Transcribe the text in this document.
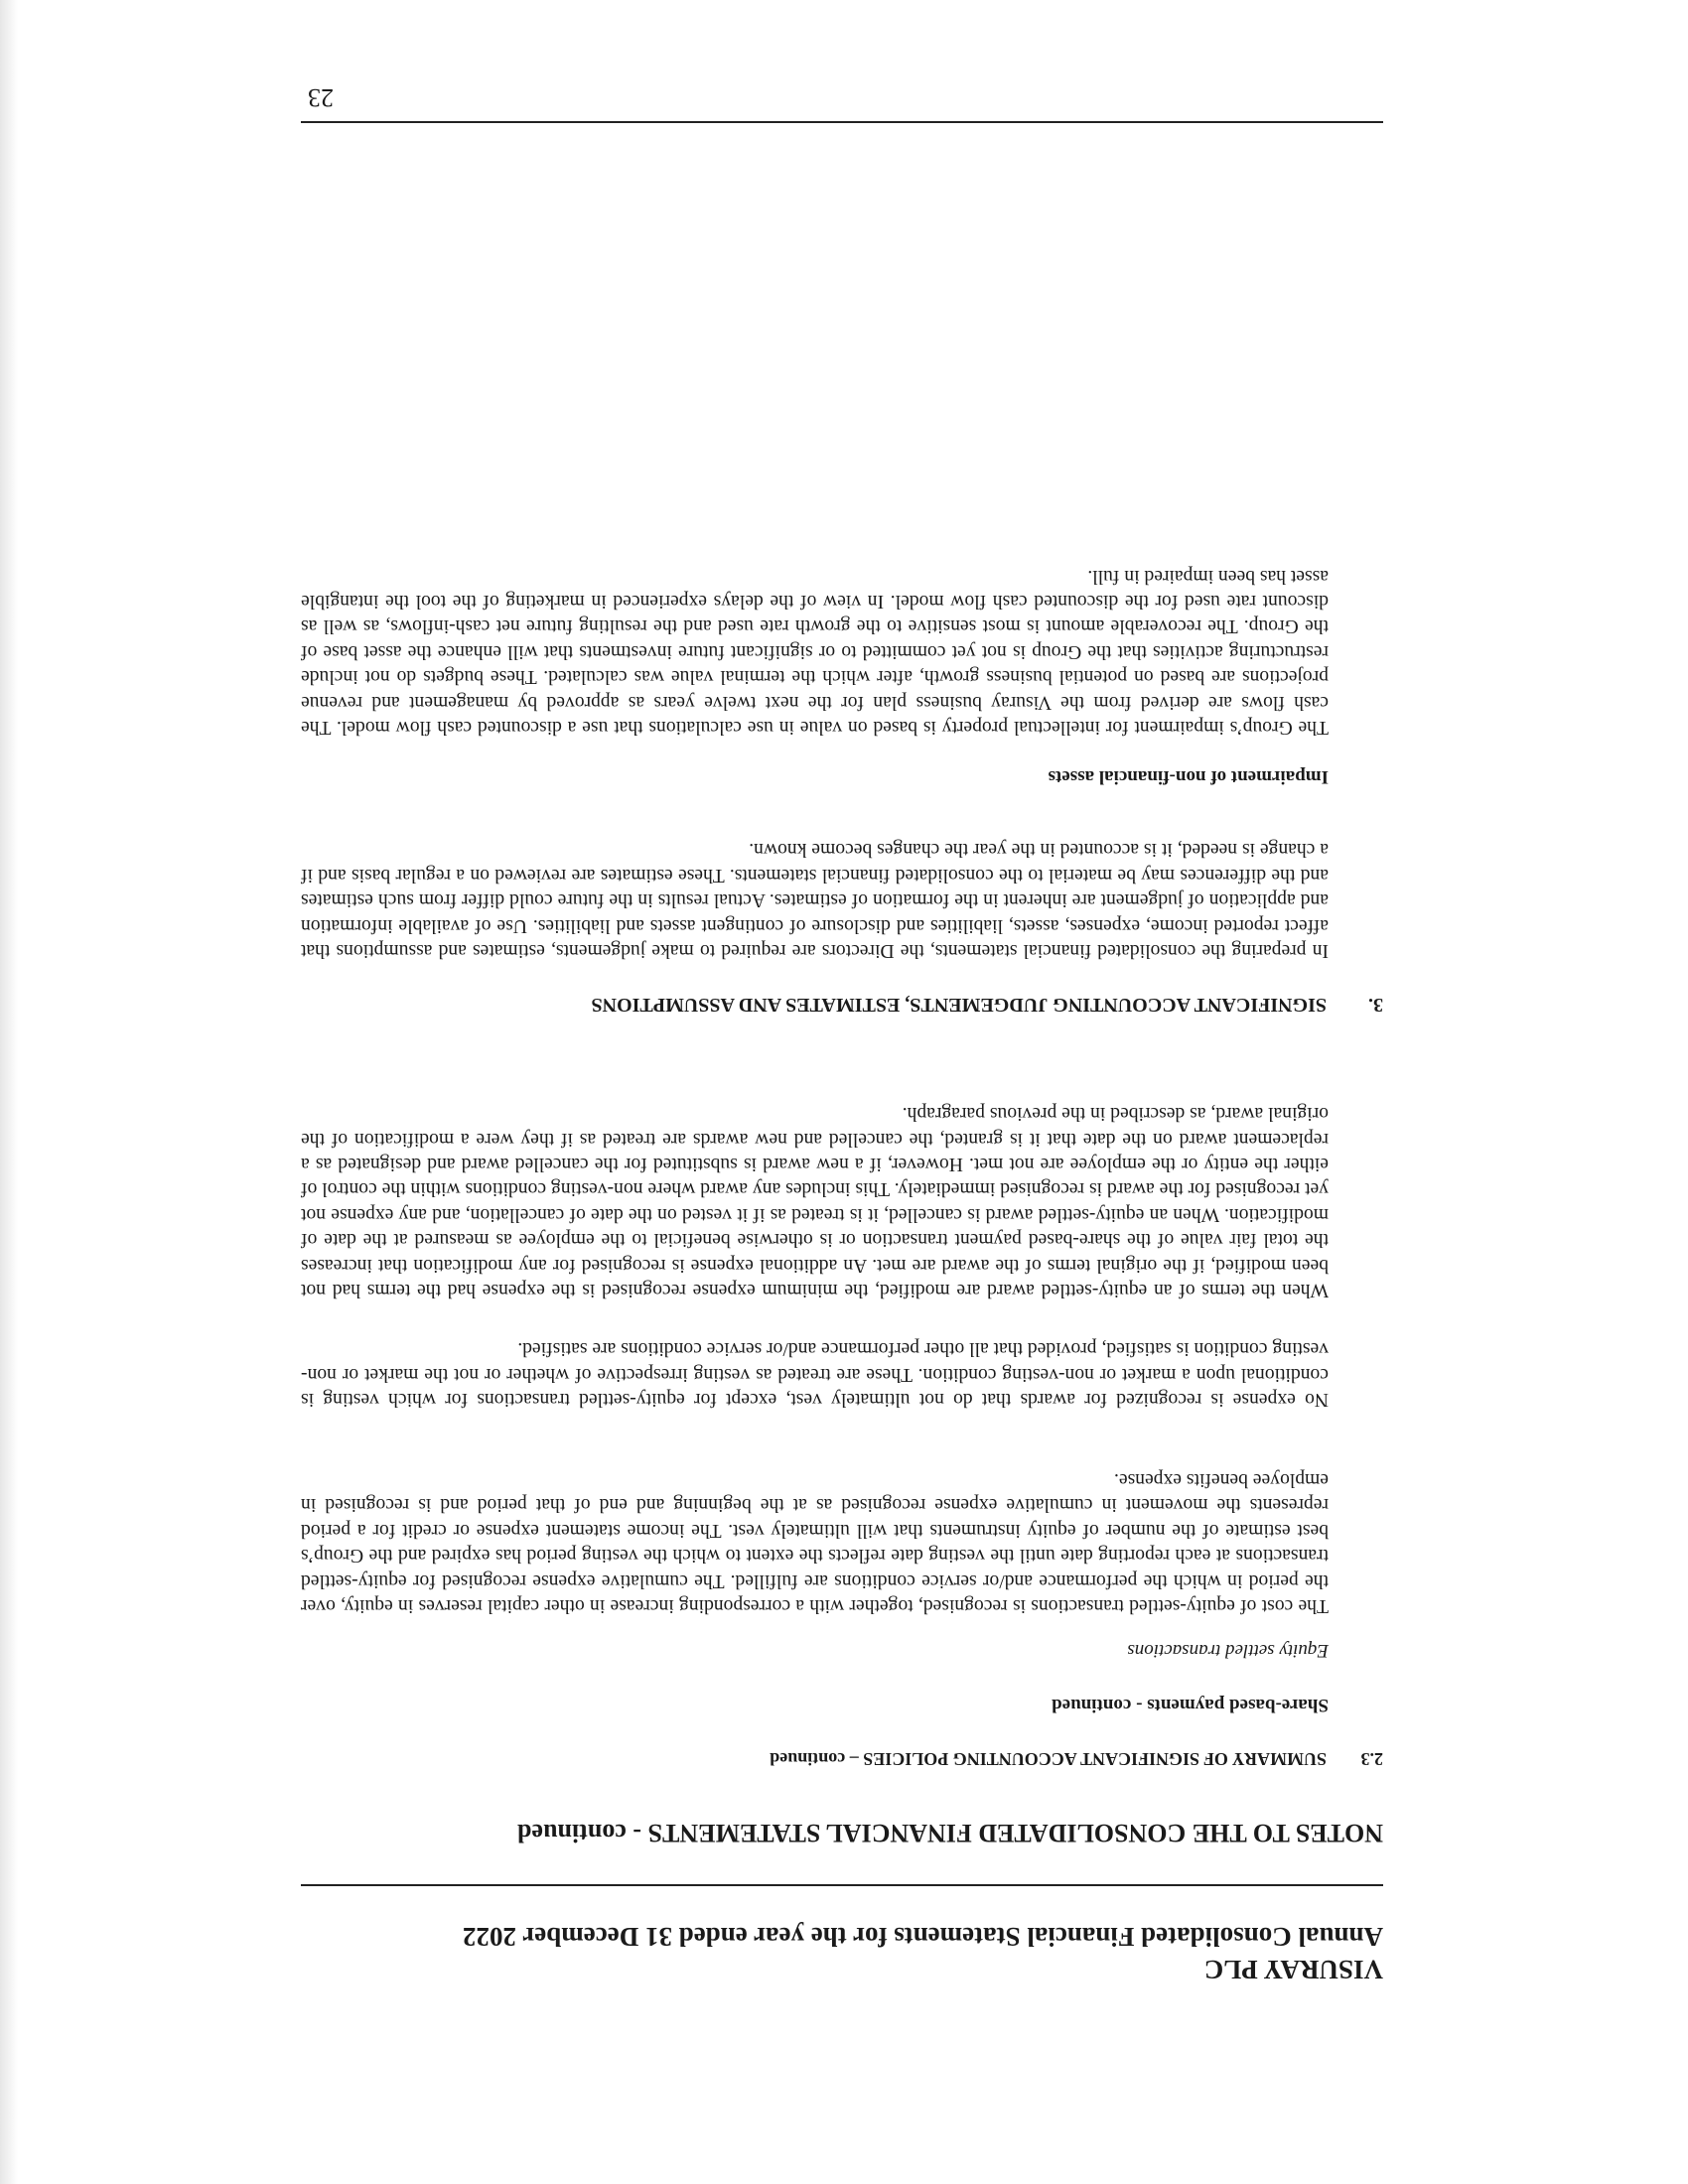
VISURAY PLC

Annual Consolidated Financial Statements for the year ended 31 December 2022

NOTES TO THE CONSOLIDATED FINANCIAL STATEMENTS - continued
2.3
SUMMARY OF SIGNIFICANT ACCOUNTING POLICIES – continued
Share-based payments - continued
Equity settled transactions

The cost of equity-settled transactions is recognised, together with a corresponding increase in other capital reserves in equity, over the period in which the performance and/or service conditions are fulfilled. The cumulative expense recognised for equity-settled transactions at each reporting date until the vesting date reflects the extent to which the vesting period has expired and the Group’s best estimate of the number of equity instruments that will ultimately vest. The income statement expense or credit for a period represents the movement in cumulative expense recognised as at the beginning and end of that period and is recognised in employee benefits expense.

No expense is recognized for awards that do not ultimately vest, except for equity-settled transactions for which vesting is conditional upon a market or non-vesting condition. These are treated as vesting irrespective of whether or not the market or non-vesting condition is satisfied, provided that all other performance and/or service conditions are satisfied.

When the terms of an equity-settled award are modified, the minimum expense recognised is the expense had the terms had not been modified, if the original terms of the award are met. An additional expense is recognised for any modification that increases the total fair value of the share-based payment transaction or is otherwise beneficial to the employee as measured at the date of modification. When an equity-settled award is cancelled, it is treated as if it vested on the date of cancellation, and any expense not yet recognised for the award is recognised immediately. This includes any award where non-vesting conditions within the control of either the entity or the employee are not met. However, if a new award is substituted for the cancelled award and designated as a replacement award on the date that it is granted, the cancelled and new awards are treated as if they were a modification of the original award, as described in the previous paragraph.

3.
SIGNIFICANT ACCOUNTING JUDGEMENTS, ESTIMATES AND ASSUMPTIONS

In preparing the consolidated financial statements, the Directors are required to make judgements, estimates and assumptions that affect reported income, expenses, assets, liabilities and disclosure of contingent assets and liabilities. Use of available information and application of judgement are inherent in the formation of estimates. Actual results in the future could differ from such estimates and the differences may be material to the consolidated financial statements. These estimates are reviewed on a regular basis and if a change is needed, it is accounted in the year the changes become known.

Impairment of non-financial assets

The Group’s impairment for intellectual property is based on value in use calculations that use a discounted cash flow model. The cash flows are derived from the Visuray business plan for the next twelve years as approved by management and revenue projections are based on potential business growth, after which the terminal value was calculated. These budgets do not include restructuring activities that the Group is not yet committed to or significant future investments that will enhance the asset base of the Group. The recoverable amount is most sensitive to the growth rate used and the resulting future net cash-inflows, as well as discount rate used for the discounted cash flow model. In view of the delays experienced in marketing of the tool the intangible asset has been impaired in full.

23
